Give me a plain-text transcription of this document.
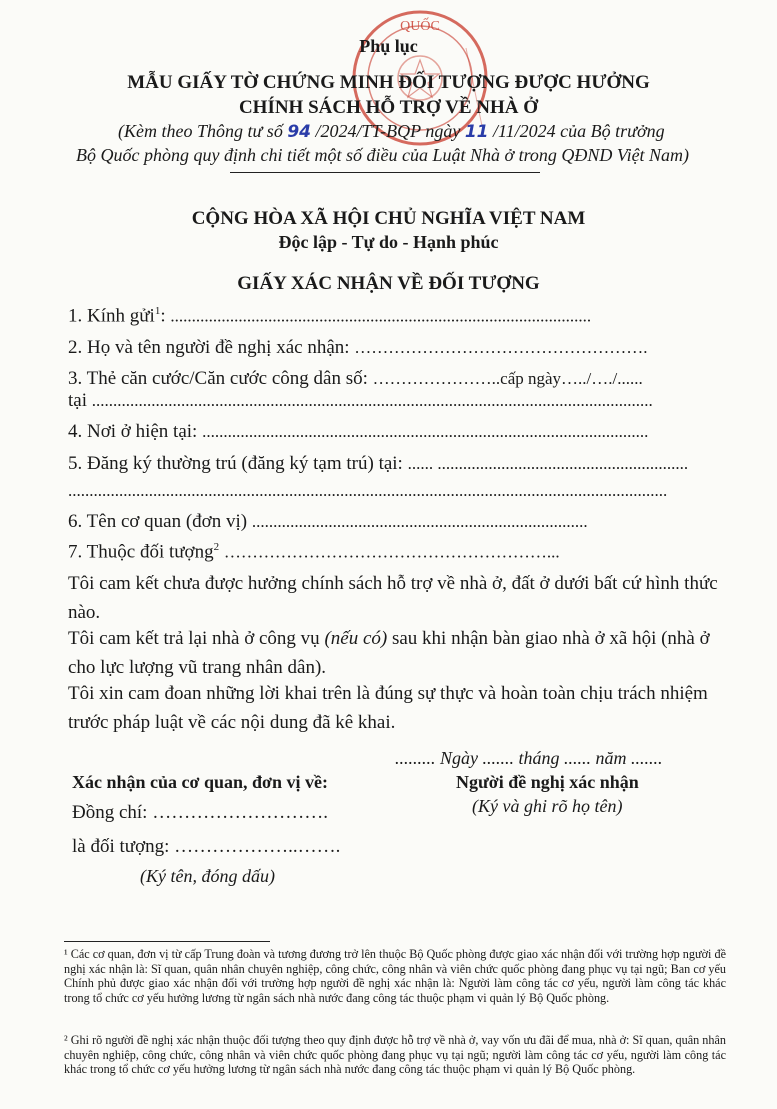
QUỐC
Phụ lục
MẪU GIẤY TỜ CHỨNG MINH ĐỐI TƯỢNG ĐƯỢC HƯỞNG
CHÍNH SÁCH HỖ TRỢ VỀ NHÀ Ở
(Kèm theo Thông tư số 94 /2024/TT-BQP ngày 11 /11/2024 của Bộ trưởng
Bộ Quốc phòng quy định chi tiết một số điều của Luật Nhà ở trong QĐND Việt Nam)
CỘNG HÒA XÃ HỘI CHỦ NGHĨA VIỆT NAM
Độc lập - Tự do - Hạnh phúc
GIẤY XÁC NHẬN VỀ ĐỐI TƯỢNG
1. Kính gửi$^1$: ...................................................................................................
2. Họ và tên người đề nghị xác nhận: …………………………………………….
3. Thẻ căn cước/Căn cước công dân số: …………………..cấp ngày…../…./......
tại ....................................................................................................................................
4. Nơi ở hiện tại: .........................................................................................................
5. Đăng ký thường trú (đăng ký tạm trú) tại: ...... ...........................................................
.............................................................................................................................................
6. Tên cơ quan (đơn vị) ...............................................................................
7. Thuộc đối tượng$^2$ …………………………………………………...
Tôi cam kết chưa được hưởng chính sách hỗ trợ về nhà ở, đất ở dưới bất cứ hình thức nào.
Tôi cam kết trả lại nhà ở công vụ (nếu có) sau khi nhận bàn giao nhà ở xã hội (nhà ở cho lực lượng vũ trang nhân dân).
Tôi xin cam đoan những lời khai trên là đúng sự thực và hoàn toàn chịu trách nhiệm trước pháp luật về các nội dung đã kê khai.
......... Ngày ....... tháng ...... năm .......
Xác nhận của cơ quan, đơn vị về:	Người đề nghị xác nhận
Đồng chí: ……………………….	(Ký và ghi rõ họ tên)
là đối tượng: ………………..…….
(Ký tên, đóng dấu)
¹ Các cơ quan, đơn vị từ cấp Trung đoàn và tương đương trở lên thuộc Bộ Quốc phòng được giao xác nhận đối với trường hợp người đề nghị xác nhận là: Sĩ quan, quân nhân chuyên nghiệp, công chức, công nhân và viên chức quốc phòng đang phục vụ tại ngũ; Ban cơ yếu Chính phủ được giao xác nhận đối với trường hợp người đề nghị xác nhận là: Người làm công tác cơ yếu, người làm công tác khác trong tổ chức cơ yếu hưởng lương từ ngân sách nhà nước đang công tác thuộc phạm vi quản lý Bộ Quốc phòng.
² Ghi rõ người đề nghị xác nhận thuộc đối tượng theo quy định được hỗ trợ về nhà ở, vay vốn ưu đãi để mua, nhà ở: Sĩ quan, quân nhân chuyên nghiệp, công chức, công nhân và viên chức quốc phòng đang phục vụ tại ngũ; người làm công tác cơ yếu, người làm công tác khác trong tổ chức cơ yếu hưởng lương từ ngân sách nhà nước đang công tác thuộc phạm vi quản lý Bộ Quốc phòng.
